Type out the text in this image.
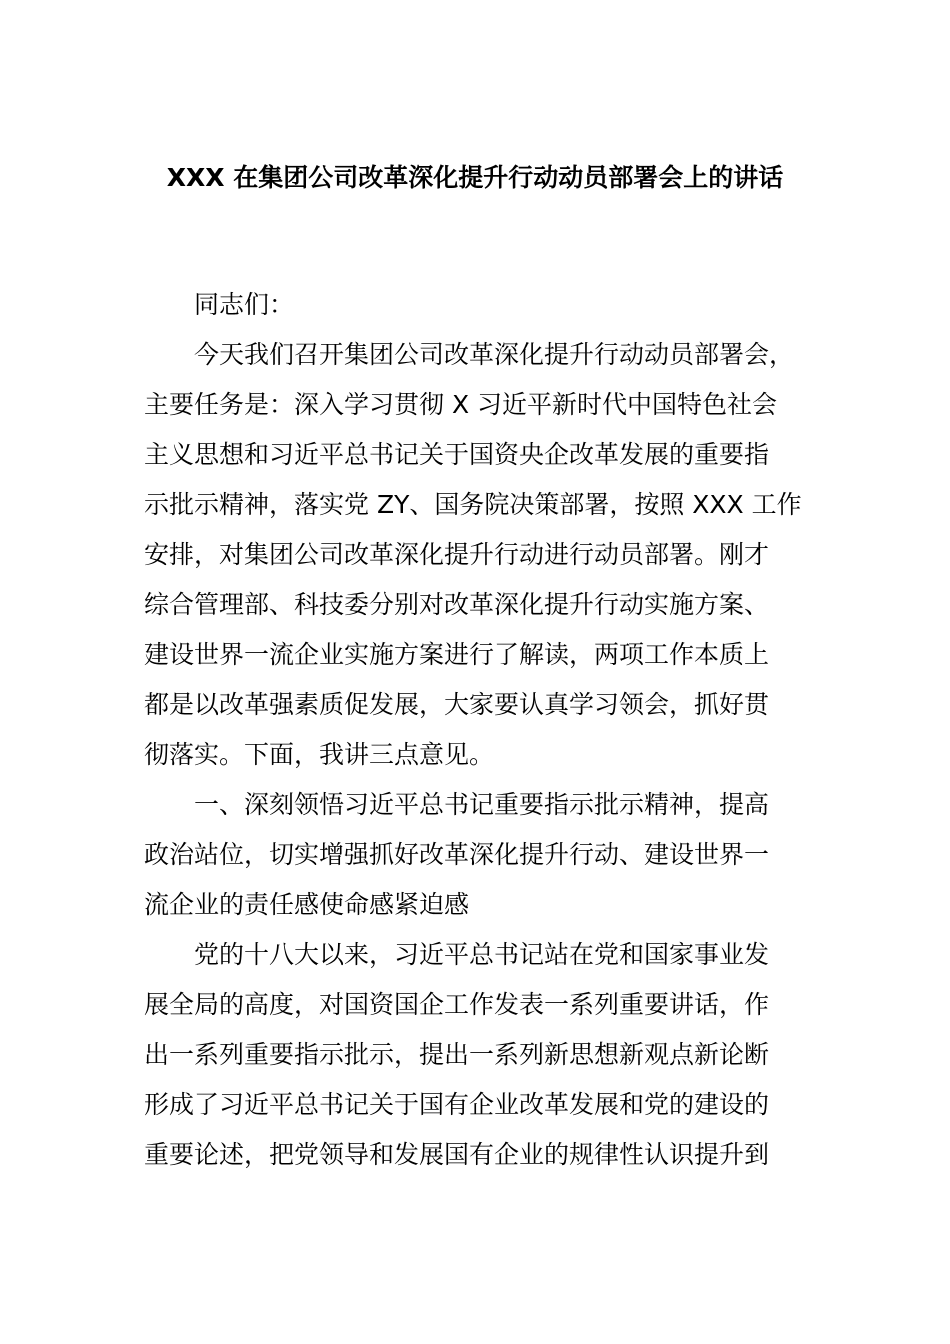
XXX 在集团公司改革深化提升行动动员部署会上的讲话
同志们：
今天我们召开集团公司改革深化提升行动动员部署会，
主要任务是：深入学习贯彻 X 习近平新时代中国特色社会
主义思想和习近平总书记关于国资央企改革发展的重要指
示批示精神，落实党 ZY、国务院决策部署，按照 XXX 工作
安排，对集团公司改革深化提升行动进行动员部署。刚才
综合管理部、科技委分别对改革深化提升行动实施方案、
建设世界一流企业实施方案进行了解读，两项工作本质上
都是以改革强素质促发展，大家要认真学习领会，抓好贯
彻落实。下面，我讲三点意见。
一、深刻领悟习近平总书记重要指示批示精神，提高
政治站位，切实增强抓好改革深化提升行动、建设世界一
流企业的责任感使命感紧迫感
党的十八大以来，习近平总书记站在党和国家事业发
展全局的高度，对国资国企工作发表一系列重要讲话，作
出一系列重要指示批示，提出一系列新思想新观点新论断
形成了习近平总书记关于国有企业改革发展和党的建设的
重要论述，把党领导和发展国有企业的规律性认识提升到
